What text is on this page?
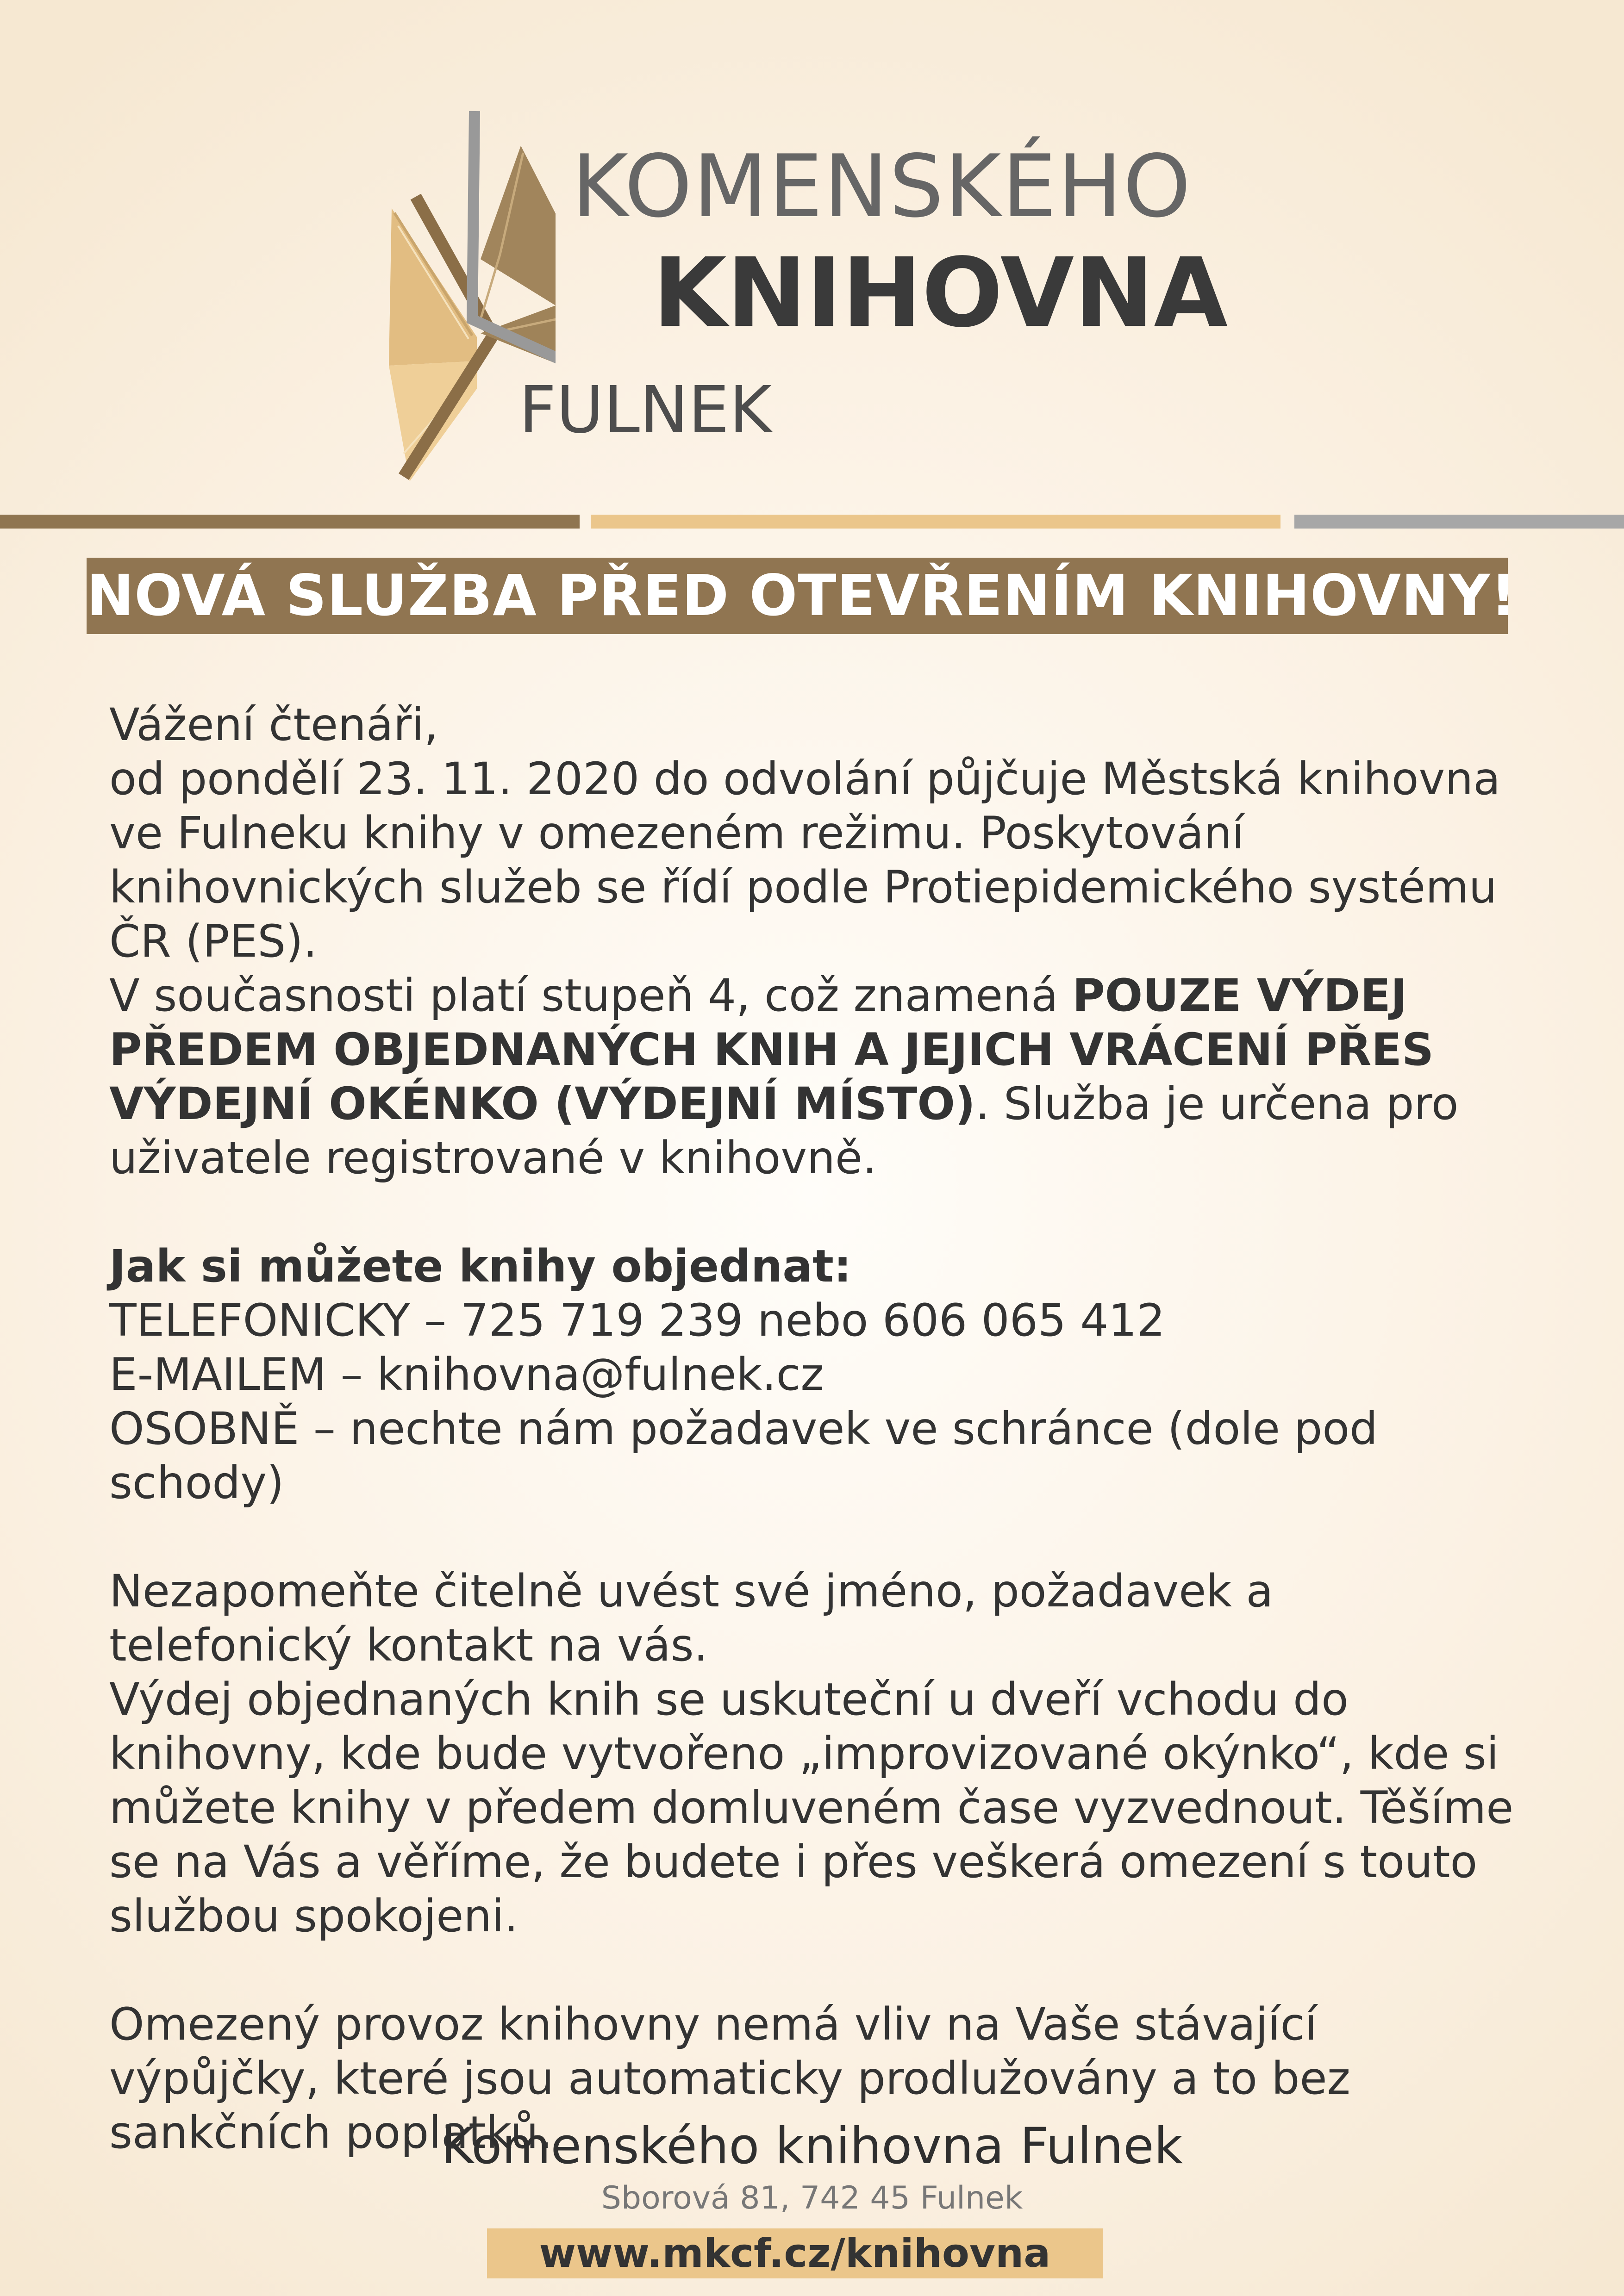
KOMENSKÉHO
KNIHOVNA
FULNEK
NOVÁ SLUŽBA PŘED OTEVŘENÍM KNIHOVNY!

Vážení čtenáři,

od pondělí 23. 11. 2020 do odvolání půjčuje Městská knihovna ve Fulneku knihy v omezeném režimu. Poskytování knihovnických služeb se řídí podle Protiepidemického systému ČR (PES).

V současnosti platí stupeň 4, což znamená POUZE VÝDEJ PŘEDEM OBJEDNANÝCH KNIH A JEJICH VRÁCENÍ PŘES VÝDEJNÍ OKÉNKO (VÝDEJNÍ MÍSTO). Služba je určena pro uživatele registrované v knihovně.

Jak si můžete knihy objednat:

TELEFONICKY – 725 719 239 nebo 606 065 412

E-MAILEM – knihovna@fulnek.cz

OSOBNĚ – nechte nám požadavek ve schránce (dole pod schody)

Nezapomeňte čitelně uvést své jméno, požadavek a telefonický kontakt na vás.

Výdej objednaných knih se uskuteční u dveří vchodu do knihovny, kde bude vytvořeno „improvizované okýnko“, kde si můžete knihy v předem domluveném čase vyzvednout. Těšíme se na Vás a věříme, že budete i přes veškerá omezení s touto službou spokojeni.

Omezený provoz knihovny nemá vliv na Vaše stávající výpůjčky, které jsou automaticky prodlužovány a to bez sankčních poplatků.

Komenského knihovna Fulnek
Sborová 81, 742 45 Fulnek
www.mkcf.cz/knihovna
